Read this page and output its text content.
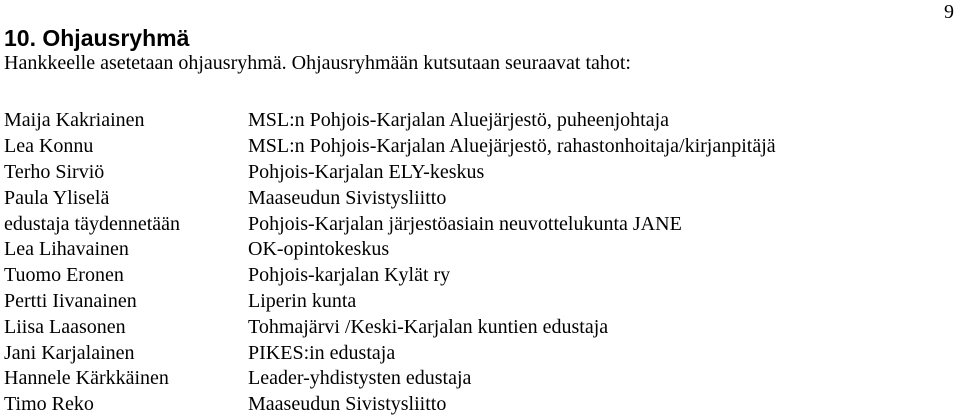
9
10. Ohjausryhmä
Hankkeelle asetetaan ohjausryhmä. Ohjausryhmään kutsutaan seuraavat tahot:
Maija Kakriainen	MSL:n Pohjois-Karjalan Aluejärjestö, puheenjohtaja
Lea Konnu	MSL:n Pohjois-Karjalan Aluejärjestö, rahastonhoitaja/kirjanpitäjä
Terho Sirviö	Pohjois-Karjalan ELY-keskus
Paula Yliselä	Maaseudun Sivistysliitto
edustaja täydennetään	Pohjois-Karjalan järjestöasiain neuvottelukunta JANE
Lea Lihavainen	OK-opintokeskus
Tuomo Eronen	Pohjois-karjalan Kylät ry
Pertti Iivanainen	Liperin kunta
Liisa Laasonen	Tohmajärvi /Keski-Karjalan kuntien edustaja
Jani Karjalainen	PIKES:in edustaja
Hannele Kärkkäinen	Leader-yhdistysten edustaja
Timo Reko	Maaseudun Sivistysliitto
